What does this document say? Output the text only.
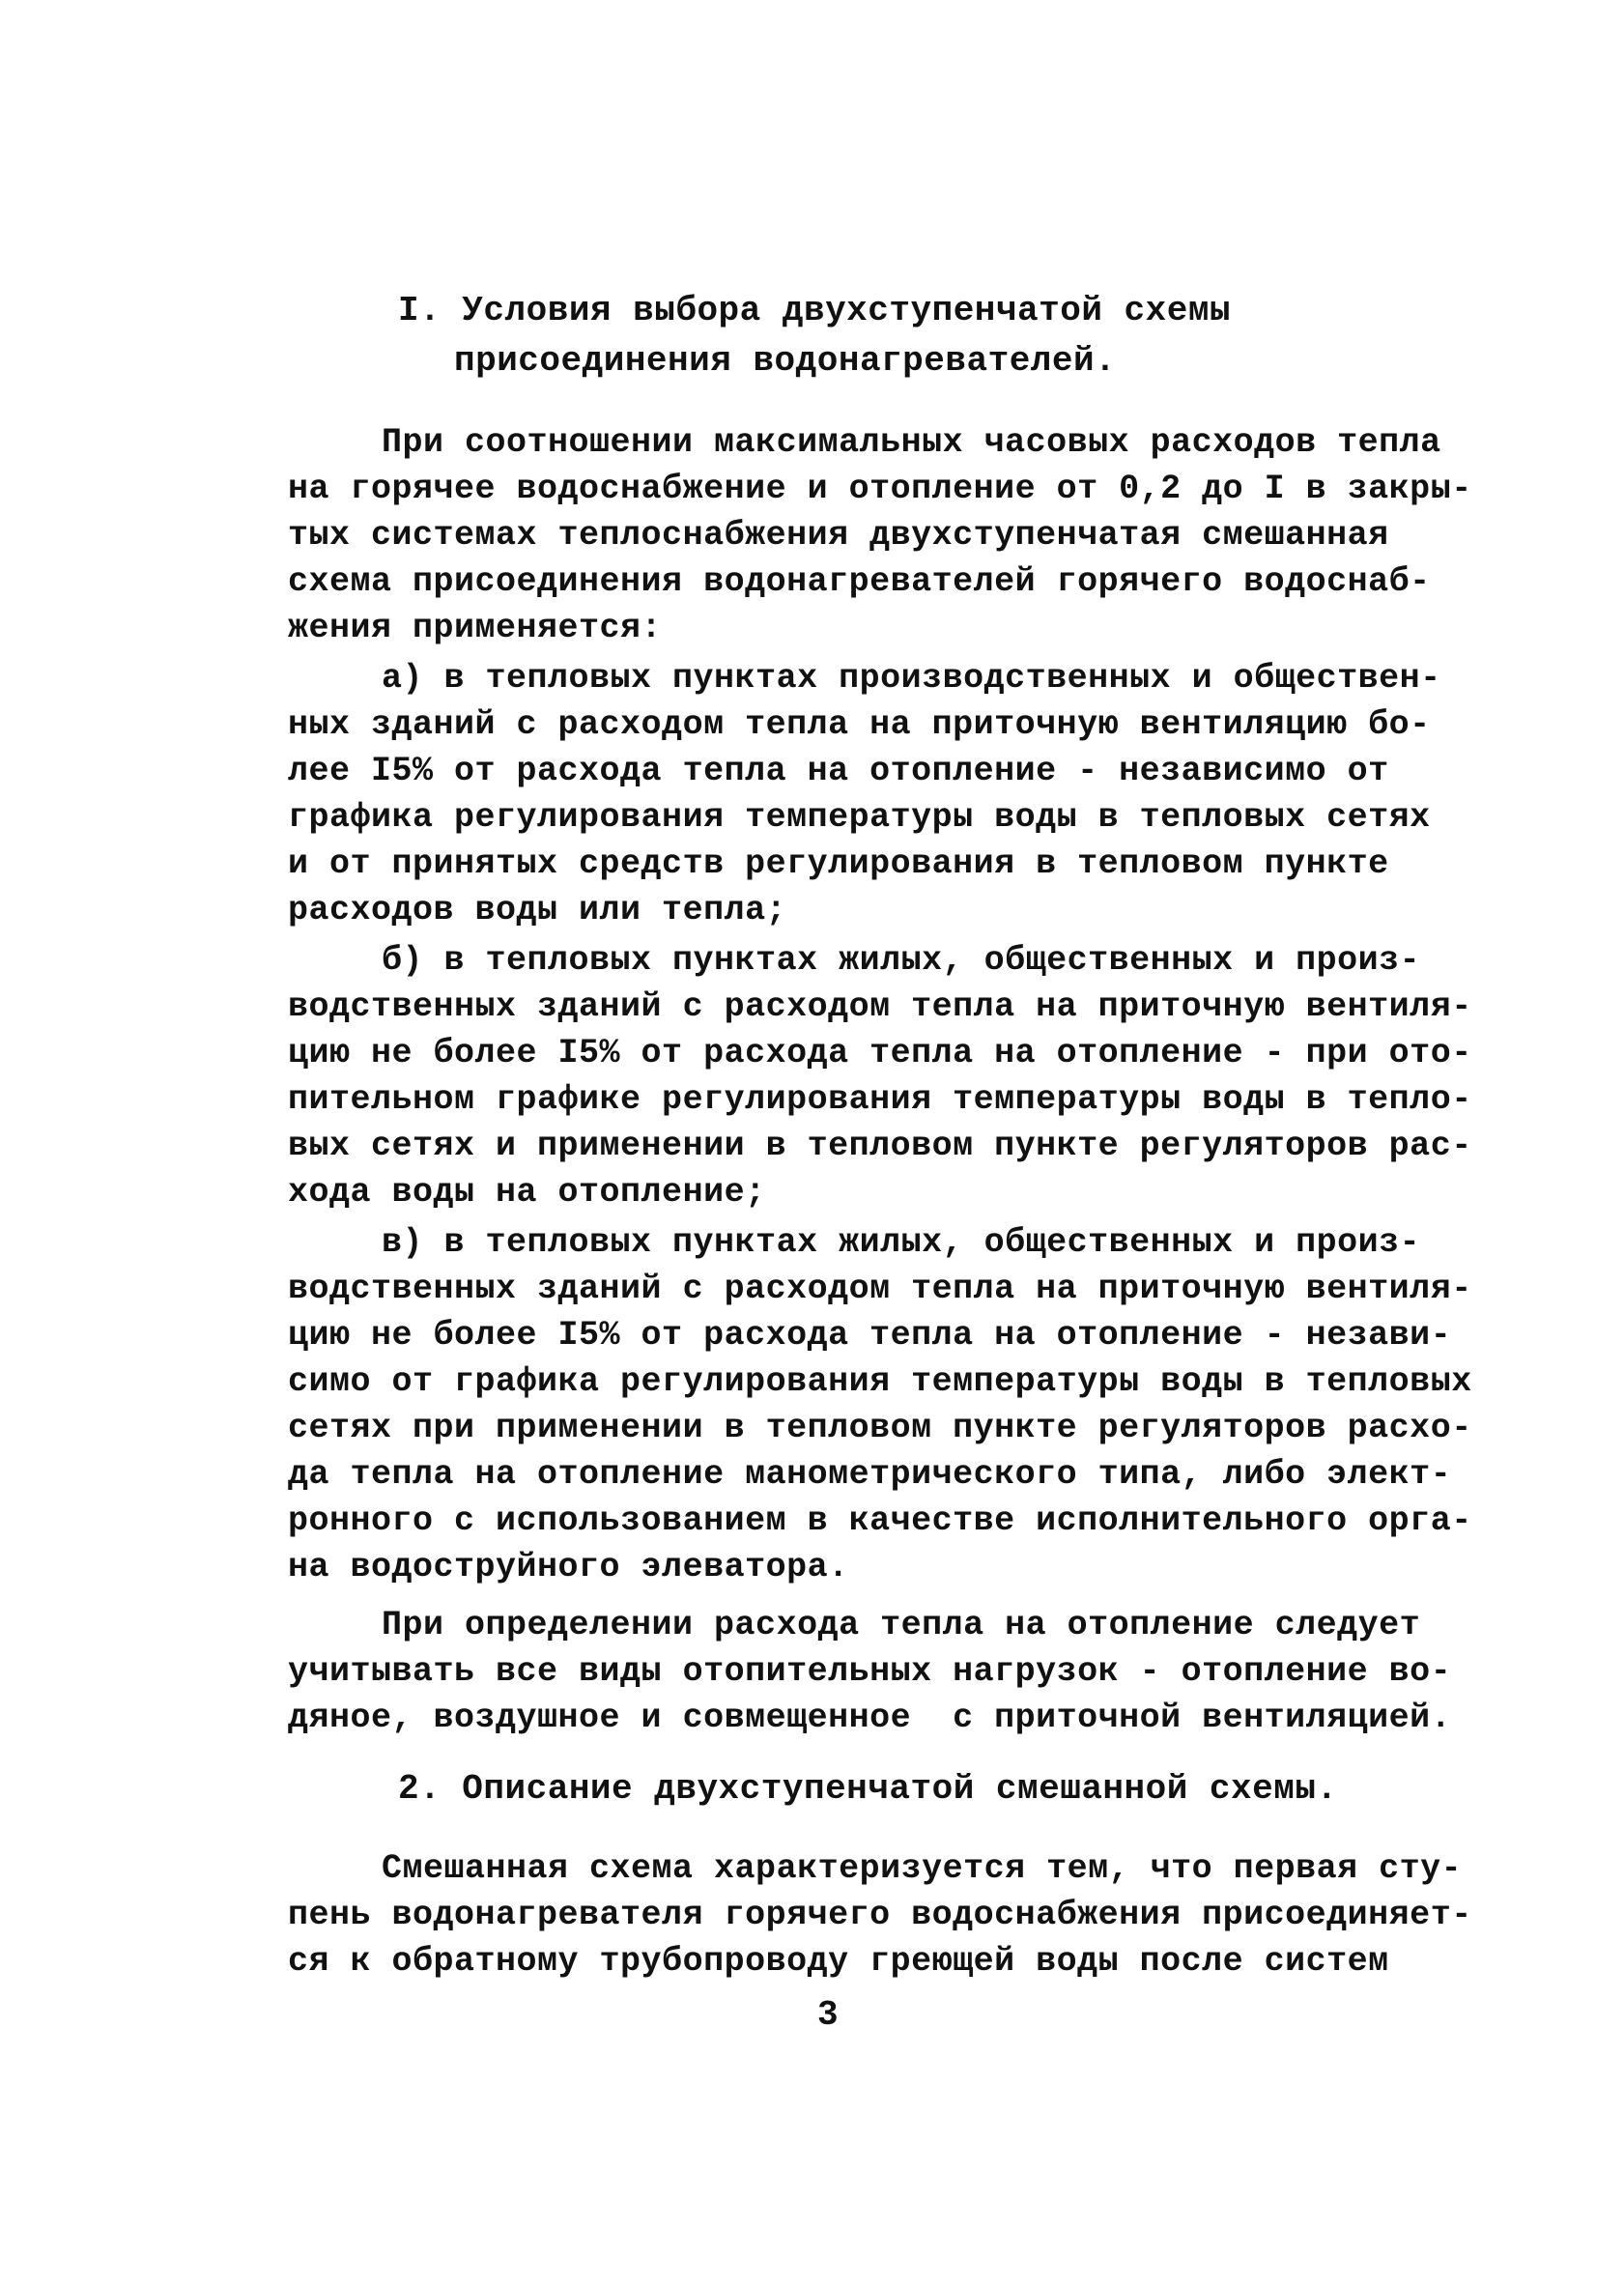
I. Условия выбора двухступенчатой схемы

присоединения водонагревателей.

При соотношении максимальных часовых расходов тепла

на горячее водоснабжение и отопление от 0,2 до I в закры-

тых системах теплоснабжения двухступенчатая смешанная

схема присоединения водонагревателей горячего водоснаб-

жения применяется:

а) в тепловых пунктах производственных и обществен-

ных зданий с расходом тепла на приточную вентиляцию бо-

лее I5% от расхода тепла на отопление - независимо от

графика регулирования температуры воды в тепловых сетях

и от принятых средств регулирования в тепловом пункте

расходов воды или тепла;

б) в тепловых пунктах жилых, общественных и произ-

водственных зданий с расходом тепла на приточную вентиля-

цию не более I5% от расхода тепла на отопление - при ото-

пительном графике регулирования температуры воды в тепло-

вых сетях и применении в тепловом пункте регуляторов рас-

хода воды на отопление;

в) в тепловых пунктах жилых, общественных и произ-

водственных зданий с расходом тепла на приточную вентиля-

цию не более I5% от расхода тепла на отопление - незави-

симо от графика регулирования температуры воды в тепловых

сетях при применении в тепловом пункте регуляторов расхо-

да тепла на отопление манометрического типа, либо элект-

ронного с использованием в качестве исполнительного орга-

на водоструйного элеватора.

При определении расхода тепла на отопление следует

учитывать все виды отопительных нагрузок - отопление во-

дяное, воздушное и совмещенное  с приточной вентиляцией.

2. Описание двухступенчатой смешанной схемы.

Смешанная схема характеризуется тем, что первая сту-

пень водонагревателя горячего водоснабжения присоединяет-

ся к обратному трубопроводу греющей воды после систем

3
